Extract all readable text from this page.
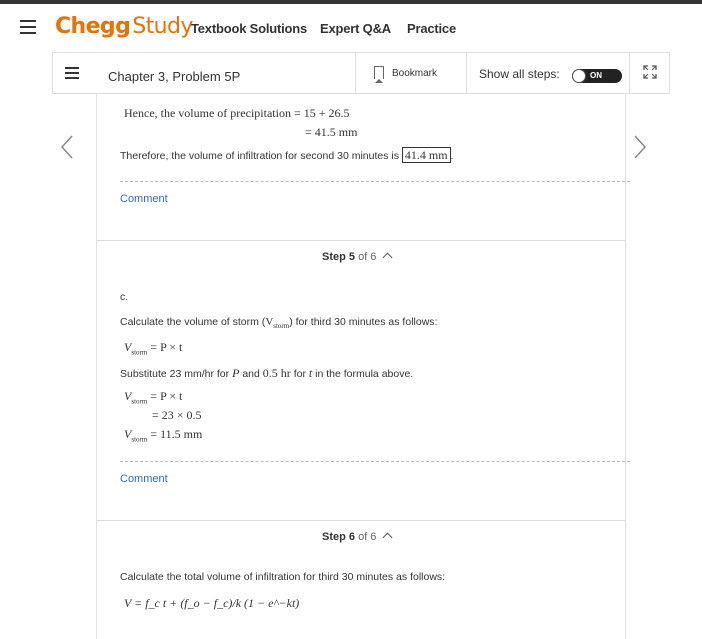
CheggStudy
Textbook Solutions Expert Q&A Practice
Chapter 3, Problem 5P	Bookmark	Show all steps:	ON
Hence, the volume of precipitation = 15 + 26.5
= 41.5 mm
Therefore, the volume of infiltration for second 30 minutes is 41.4 mm .
Comment
Step 5 of 6
c.
Calculate the volume of storm $(V_{storm})$ for third 30 minutes as follows:
$V_{storm} = P \times t$
Substitute 23 mm/hr for P and 0.5 hr for t in the formula above.
$V_{storm} = P \times t$
= 23 × 0.5
$V_{storm} = 11.5$ mm
Comment
Step 6 of 6
Calculate the total volume of infiltration for third 30 minutes as follows:
V = f_c t + (f_o − f_c)/k (1 − e^−kt)
